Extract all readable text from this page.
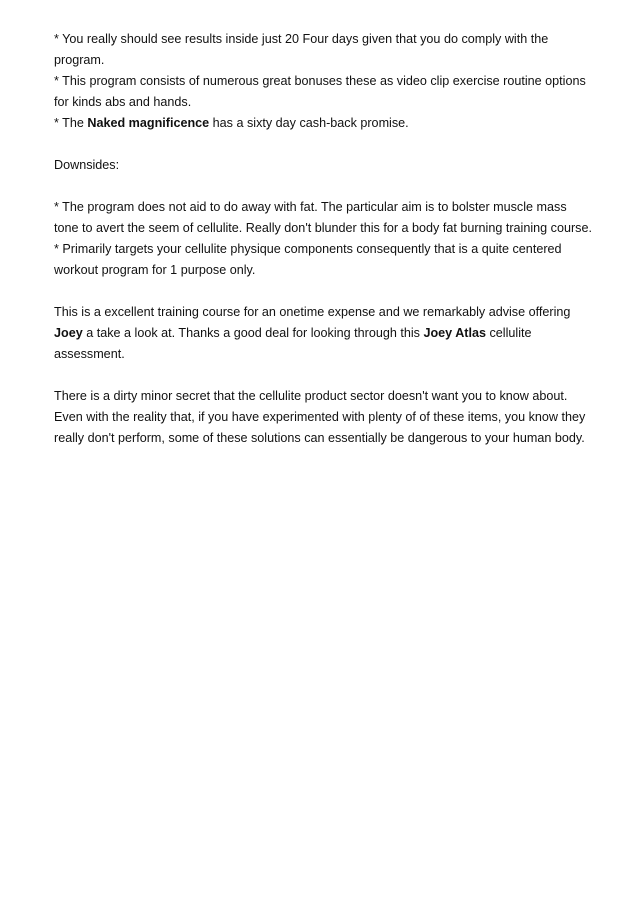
* You really should see results inside just 20 Four days given that you do comply with the program.
* This program consists of numerous great bonuses these as video clip exercise routine options for kinds abs and hands.
* The Naked magnificence has a sixty day cash-back promise.
Downsides:
* The program does not aid to do away with fat. The particular aim is to bolster muscle mass tone to avert the seem of cellulite. Really don't blunder this for a body fat burning training course.
* Primarily targets your cellulite physique components consequently that is a quite centered workout program for 1 purpose only.
This is a excellent training course for an onetime expense and we remarkably advise offering Joey a take a look at. Thanks a good deal for looking through this Joey Atlas cellulite assessment.
There is a dirty minor secret that the cellulite product sector doesn't want you to know about. Even with the reality that, if you have experimented with plenty of of these items, you know they really don't perform, some of these solutions can essentially be dangerous to your human body.
